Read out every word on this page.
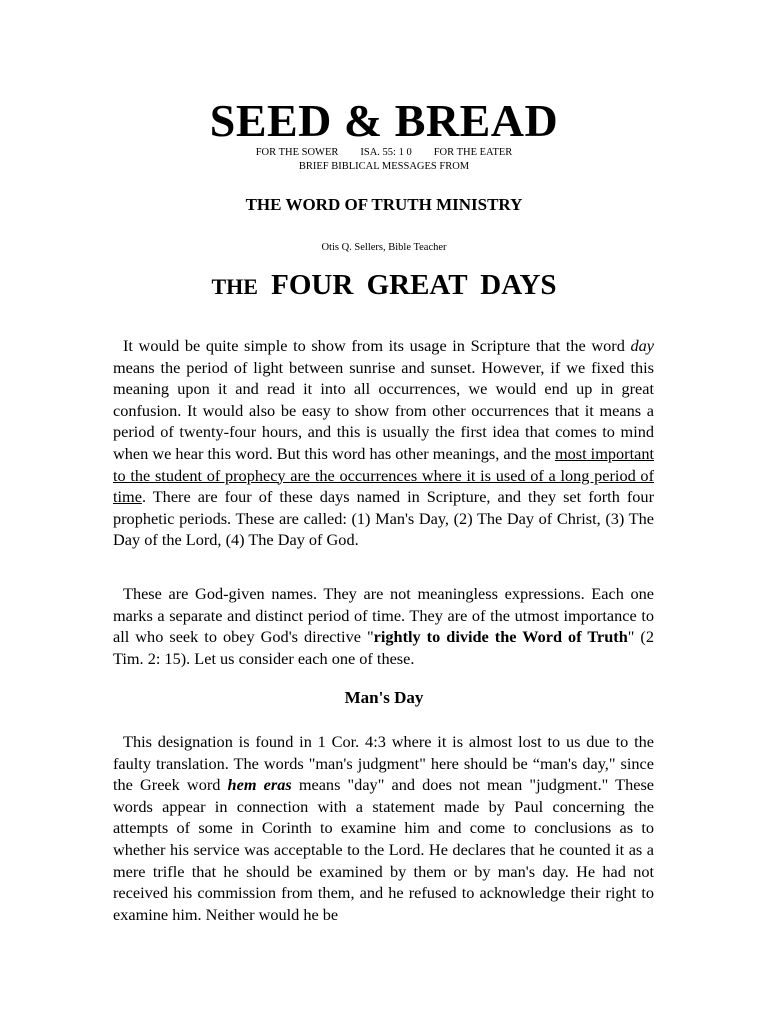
SEED & BREAD
FOR THE SOWER ISA. 55: 1 0 FOR THE EATER
BRIEF BIBLICAL MESSAGES FROM
THE WORD OF TRUTH MINISTRY
Otis Q. Sellers, Bible Teacher
THE FOUR GREAT DAYS
It would be quite simple to show from its usage in Scripture that the word day means the period of light between sunrise and sunset. However, if we fixed this meaning upon it and read it into all occurrences, we would end up in great confusion. It would also be easy to show from other occurrences that it means a period of twenty-four hours, and this is usually the first idea that comes to mind when we hear this word. But this word has other meanings, and the most important to the student of prophecy are the occurrences where it is used of a long period of time. There are four of these days named in Scripture, and they set forth four prophetic periods. These are called: (1) Man's Day, (2) The Day of Christ, (3) The Day of the Lord, (4) The Day of God.
These are God-given names. They are not meaningless expressions. Each one marks a separate and distinct period of time. They are of the utmost importance to all who seek to obey God's directive "rightly to divide the Word of Truth" (2 Tim. 2: 15). Let us consider each one of these.
Man's Day
This designation is found in 1 Cor. 4:3 where it is almost lost to us due to the faulty translation. The words "man's judgment" here should be “man's day," since the Greek word hem eras means "day" and does not mean "judgment." These words appear in connection with a statement made by Paul concerning the attempts of some in Corinth to examine him and come to conclusions as to whether his service was acceptable to the Lord. He declares that he counted it as a mere trifle that he should be examined by them or by man's day. He had not received his commission from them, and he refused to acknowledge their right to examine him. Neither would he be
